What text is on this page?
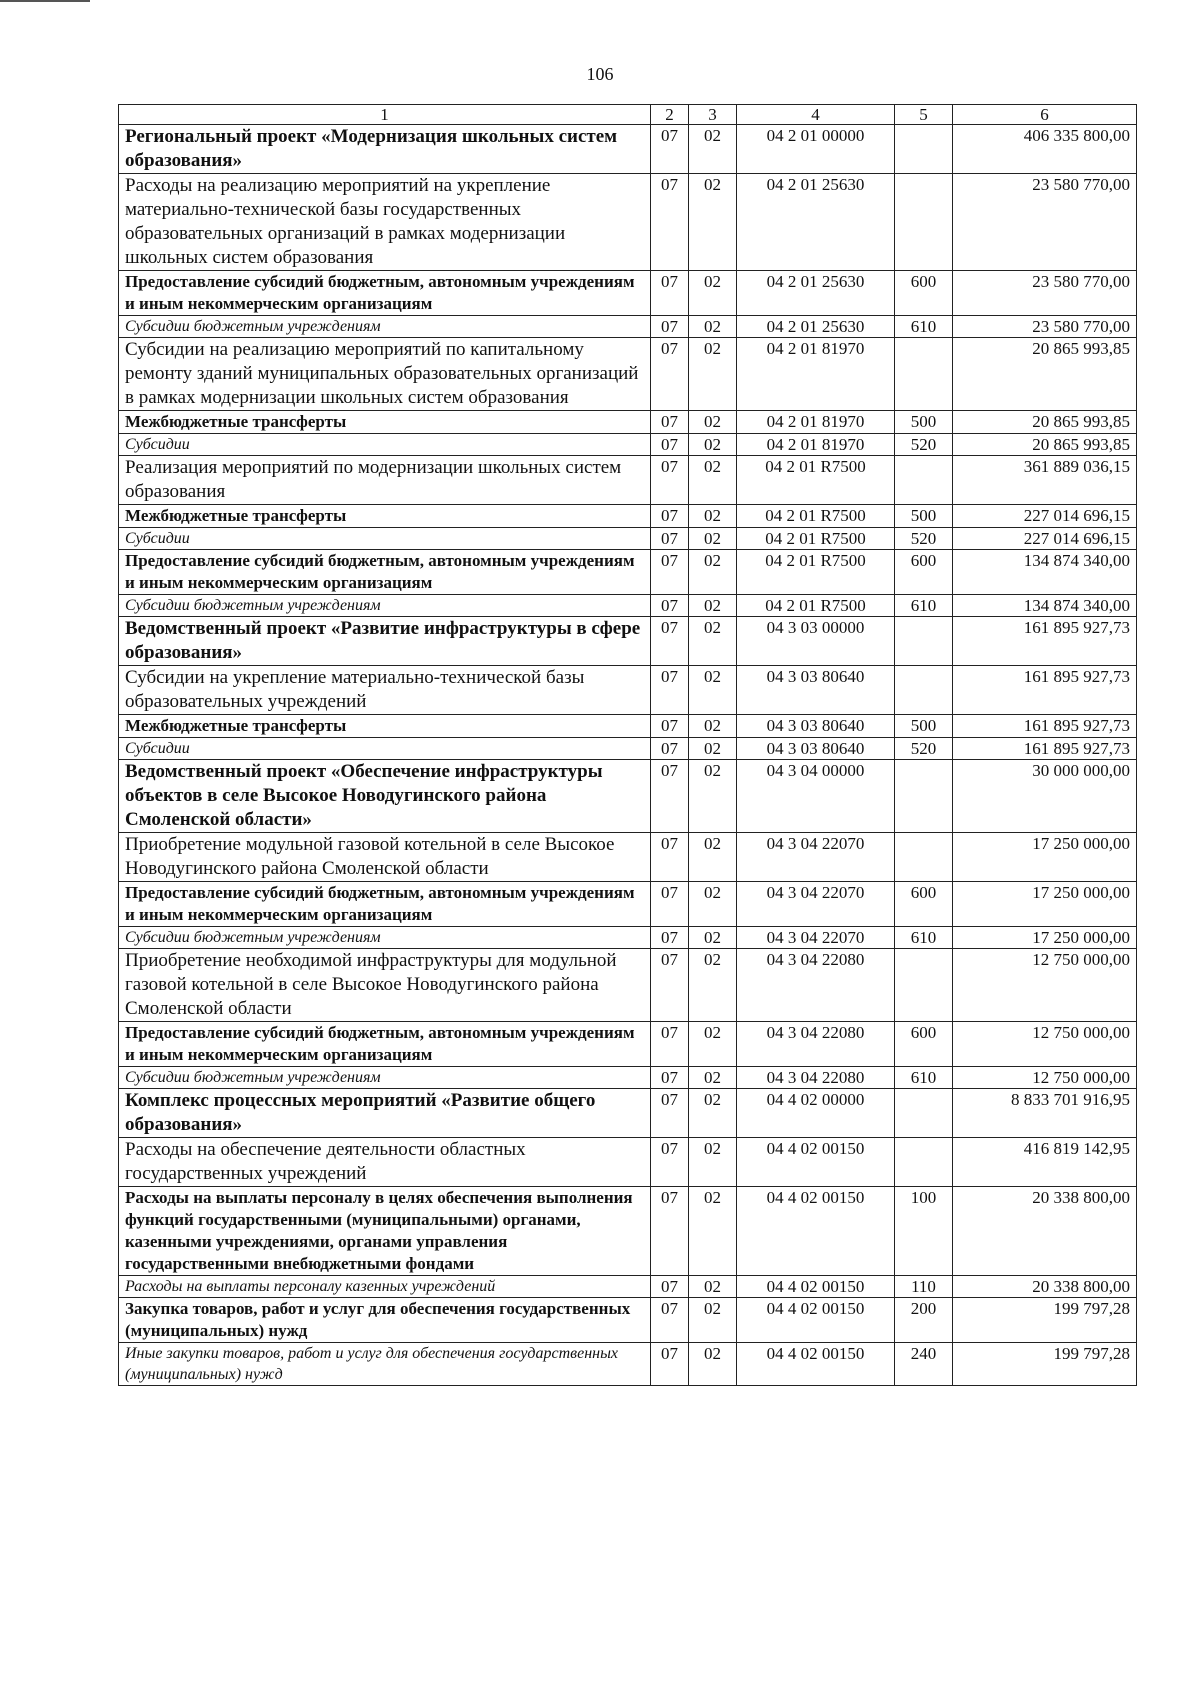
106
1	2	3	4	5	6
Региональный проект «Модернизация школьных систем образования»	07	02	04 2 01 00000		406 335 800,00
Расходы на реализацию мероприятий на укрепление материально-технической базы государственных образовательных организаций в рамках модернизации школьных систем образования	07	02	04 2 01 25630		23 580 770,00
Предоставление субсидий бюджетным, автономным учреждениям и иным некоммерческим организациям	07	02	04 2 01 25630	600	23 580 770,00
Субсидии бюджетным учреждениям	07	02	04 2 01 25630	610	23 580 770,00
Субсидии на реализацию мероприятий по капитальному ремонту зданий муниципальных образовательных организаций в рамках модернизации школьных систем образования	07	02	04 2 01 81970		20 865 993,85
Межбюджетные трансферты	07	02	04 2 01 81970	500	20 865 993,85
Субсидии	07	02	04 2 01 81970	520	20 865 993,85
Реализация мероприятий по модернизации школьных систем образования	07	02	04 2 01 R7500		361 889 036,15
Межбюджетные трансферты	07	02	04 2 01 R7500	500	227 014 696,15
Субсидии	07	02	04 2 01 R7500	520	227 014 696,15
Предоставление субсидий бюджетным, автономным учреждениям и иным некоммерческим организациям	07	02	04 2 01 R7500	600	134 874 340,00
Субсидии бюджетным учреждениям	07	02	04 2 01 R7500	610	134 874 340,00
Ведомственный проект «Развитие инфраструктуры в сфере образования»	07	02	04 3 03 00000		161 895 927,73
Субсидии на укрепление материально-технической базы образовательных учреждений	07	02	04 3 03 80640		161 895 927,73
Межбюджетные трансферты	07	02	04 3 03 80640	500	161 895 927,73
Субсидии	07	02	04 3 03 80640	520	161 895 927,73
Ведомственный проект «Обеспечение инфраструктуры объектов в селе Высокое Новодугинского района Смоленской области»	07	02	04 3 04 00000		30 000 000,00
Приобретение модульной газовой котельной в селе Высокое Новодугинского района Смоленской области	07	02	04 3 04 22070		17 250 000,00
Предоставление субсидий бюджетным, автономным учреждениям и иным некоммерческим организациям	07	02	04 3 04 22070	600	17 250 000,00
Субсидии бюджетным учреждениям	07	02	04 3 04 22070	610	17 250 000,00
Приобретение необходимой инфраструктуры для модульной газовой котельной в селе Высокое Новодугинского района Смоленской области	07	02	04 3 04 22080		12 750 000,00
Предоставление субсидий бюджетным, автономным учреждениям и иным некоммерческим организациям	07	02	04 3 04 22080	600	12 750 000,00
Субсидии бюджетным учреждениям	07	02	04 3 04 22080	610	12 750 000,00
Комплекс процессных мероприятий «Развитие общего образования»	07	02	04 4 02 00000		8 833 701 916,95
Расходы на обеспечение деятельности областных государственных учреждений	07	02	04 4 02 00150		416 819 142,95
Расходы на выплаты персоналу в целях обеспечения выполнения функций государственными (муниципальными) органами, казенными учреждениями, органами управления государственными внебюджетными фондами	07	02	04 4 02 00150	100	20 338 800,00
Расходы на выплаты персоналу казенных учреждений	07	02	04 4 02 00150	110	20 338 800,00
Закупка товаров, работ и услуг для обеспечения государственных (муниципальных) нужд	07	02	04 4 02 00150	200	199 797,28
Иные закупки товаров, работ и услуг для обеспечения государственных (муниципальных) нужд	07	02	04 4 02 00150	240	199 797,28
